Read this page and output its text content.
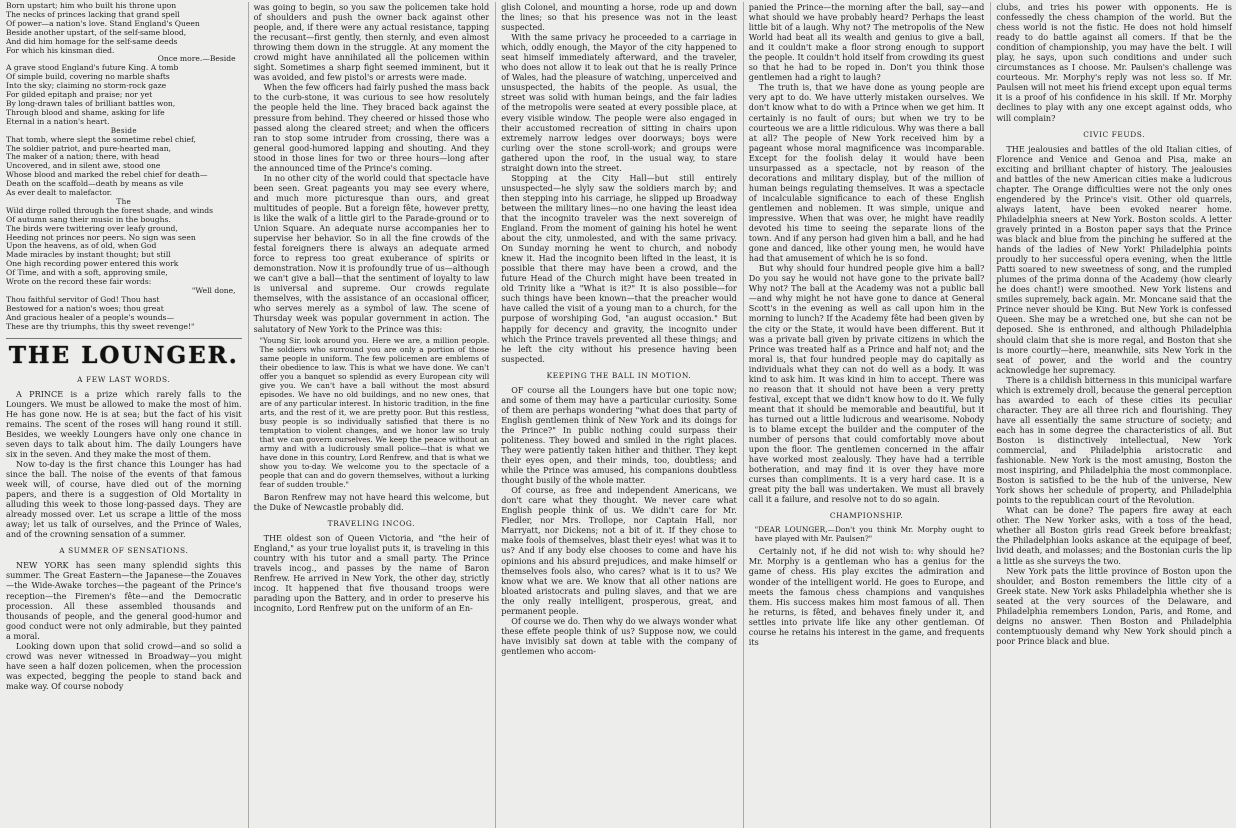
Born upstart; him who built his throne upon
The necks of princes lacking that grand spell
Of power—a nation's love. Stand England's Queen
Beside another upstart, of the self-same blood,
And did him homage for the self-same deeds
For which his kinsman died.
Once more.—Beside
A grave stood England's future King. A tomb
Of simple build, covering no marble shafts
Into the sky; claiming no storm-rock gaze
For gilded epitaph and praise; nor yet
By long-drawn tales of brilliant battles won,
Through blood and shame, asking for life
Eternal in a nation's heart.
Beside
That tomb, where slept the sometime rebel chief,
The soldier patriot, and pure-hearted man,
The maker of a nation; there, with head
Uncovered, and in silent awe, stood one
Whose blood and marked the rebel chief for death—
Death on the scaffold—death by means as vile
As ever dealt to malefactor.
The
Wild dirge rolled through the forest shade, and winds
Of autumn sang their music in the boughs.
The birds were twittering over leafy ground,
Heeding not princes nor peers. No sign was seen
Upon the heavens, as of old, when God
Made miracles by instant thought; but still
One high recording power entered this work
Of Time, and with a soft, approving smile,
Wrote on the record these fair words:
"Well done,
Thou faithful servitor of God! Thou hast
Bestowed for a nation's woes; thou great
And gracious healer of a people's wounds—
These are thy triumphs, this thy sweet revenge!"
THE LOUNGER.
A FEW LAST WORDS.

A PRINCE is a prize which rarely falls to the Loungers. We must be allowed to make the most of him. He has gone now. He is at sea; but the fact of his visit remains. The scent of the roses will hang round it still. Besides, we weekly Loungers have only one chance in seven days to talk about him. The daily Loungers have six in the seven. And they make the most of them.

Now to-day is the first chance this Lounger has had since the ball. The noise of the events of that famous week will, of course, have died out of the morning papers, and there is a suggestion of Old Mortality in alluding this week to those long-passed days. They are already mossed over. Let us scrape a little of the moss away; let us talk of ourselves, and the Prince of Wales, and of the crowning sensation of a summer.

A SUMMER OF SENSATIONS.

NEW YORK has seen many splendid sights this summer. The Great Eastern—the Japanese—the Zouaves—the Wide-Awake torches—the pageant of the Prince's reception—the Firemen's fête—and the Democratic procession. All these assembled thousands and thousands of people, and the general good-humor and good conduct were not only admirable, but they painted a moral.

Looking down upon that solid crowd—and so solid a crowd was never witnessed in Broadway—you might have seen a half dozen policemen, when the procession was expected, begging the people to stand back and make way. Of course nobody

was going to begin, so you saw the policemen take hold of shoulders and push the owner back against other people, and, if there were any actual resistance, tapping the recusant—first gently, then sternly, and even almost throwing them down in the struggle. At any moment the crowd might have annihilated all the policemen within sight. Sometimes a sharp fight seemed imminent, but it was avoided, and few pistol's or arrests were made.

When the few officers had fairly pushed the mass back to the curb-stone, it was curious to see how resolutely the people held the line. They braced back against the pressure from behind. They cheered or hissed those who passed along the cleared street; and when the officers ran to stop some intruder from crossing, there was a general good-humored lapping and shouting. And they stood in those lines for two or three hours—long after the announced time of the Prince's coming.

In no other city of the world could that spectacle have been seen. Great pageants you may see every where, and much more picturesque than ours, and great multitudes of people. But a foreign fête, however pretty, is like the walk of a little girl to the Parade-ground or to Union Square. An adequate nurse accompanies her to supervise her behavior. So in all the fine crowds of the festal foreigners there is always an adequate armed force to repress too great exuberance of spirits or demonstration. Now it is profoundly true of us—although we can't give a ball—that the sentiment of loyalty to law is universal and supreme. Our crowds regulate themselves, with the assistance of an occasional officer, who serves merely as a symbol of law. The scene of Thursday week was popular government in action. The salutatory of New York to the Prince was this:

"Young Sir, look around you. Here we are, a million people. The soldiers who surround you are only a portion of those same people in uniform. The few policemen are emblems of their obedience to law. This is what we have done. We can't offer you a banquet so splendid as every European city will give you. We can't have a ball without the most absurd episodes. We have no old buildings, and no new ones, that are of any particular interest. In historic tradition, in the fine arts, and the rest of it, we are pretty poor. But this restless, busy people is so individually satisfied that there is no temptation to violent changes, and we honor law so truly that we can govern ourselves. We keep the peace without an army and with a ludicrously small police—that is what we have done in this country, Lord Renfrew, and that is what we show you to-day. We welcome you to the spectacle of a people that can and do govern themselves, without a lurking fear of sudden trouble."

Baron Renfrew may not have heard this welcome, but the Duke of Newcastle probably did.

TRAVELING INCOG.

THE oldest son of Queen Victoria, and "the heir of England," as your true loyalist puts it, is traveling in this country with his tutor and a small party. The Prince travels incog., and passes by the name of Baron Renfrew. He arrived in New York, the other day, strictly incog. It happened that five thousand troops were parading upon the Battery, and in order to preserve his incognito, Lord Renfrew put on the uniform of an En-

glish Colonel, and mounting a horse, rode up and down the lines; so that his presence was not in the least suspected.

With the same privacy he proceeded to a carriage in which, oddly enough, the Mayor of the city happened to seat himself immediately afterward, and the traveler, who does not allow it to leak out that he is really Prince of Wales, had the pleasure of watching, unperceived and unsuspected, the habits of the people. As usual, the street was solid with human beings, and the fair ladies of the metropolis were seated at every possible place, at every visible window. The people were also engaged in their accustomed recreation of sitting in chairs upon extremely narrow ledges over doorways; boys were curling over the stone scroll-work; and groups were gathered upon the roof, in the usual way, to stare straight down into the street.

Stopping at the City Hall—but still entirely unsuspected—he slyly saw the soldiers march by; and then stepping into his carriage, he slipped up Broadway between the military lines—no one having the least idea that the incognito traveler was the next sovereign of England. From the moment of gaining his hotel he went about the city, unmolested, and with the same privacy. On Sunday morning he went to church, and nobody knew it. Had the incognito been lifted in the least, it is possible that there may have been a crowd, and the future Head of the Church might have been treated in old Trinity like a "What is it?" It is also possible—for such things have been known—that the preacher would have called the visit of a young man to a church, for the purpose of worshiping God, "an august occasion." But happily for decency and gravity, the incognito under which the Prince travels prevented all these things; and he left the city without his presence having been suspected.

KEEPING THE BALL IN MOTION.

OF course all the Loungers have but one topic now; and some of them may have a particular curiosity. Some of them are perhaps wondering "what does that party of English gentlemen think of New York and its doings for the Prince?" In public nothing could surpass their politeness. They bowed and smiled in the right places. They were patiently taken hither and thither. They kept their eyes open, and their minds, too, doubtless; and while the Prince was amused, his companions doubtless thought busily of the whole matter.

Of course, as free and independent Americans, we don't care what they thought. We never care what English people think of us. We didn't care for Mr. Fiedler, nor Mrs. Trollope, nor Captain Hall, nor Marryatt, nor Dickens; not a bit of it. If they chose to make fools of themselves, blast their eyes! what was it to us? And if any body else chooses to come and have his opinions and his absurd prejudices, and make himself or themselves fools also, who cares? what is it to us? We know what we are. We know that all other nations are bloated aristocrats and puling slaves, and that we are the only really intelligent, prosperous, great, and permanent people.

Of course we do. Then why do we always wonder what these effete people think of us? Suppose now, we could have invisibly sat down at table with the company of gentlemen who accom-

panied the Prince—the morning after the ball, say—and what should we have probably heard? Perhaps the least little bit of a laugh. Why not? The metropolis of the New World had beat all its wealth and genius to give a ball, and it couldn't make a floor strong enough to support the people. It couldn't hold itself from crowding its guest so that he had to be roped in. Don't you think those gentlemen had a right to laugh?

The truth is, that we have done as young people are very apt to do. We have utterly mistaken ourselves. We don't know what to do with a Prince when we get him. It certainly is no fault of ours; but when we try to be courteous we are a little ridiculous. Why was there a ball at all? The people of New York received him by a pageant whose moral magnificence was incomparable. Except for the foolish delay it would have been unsurpassed as a spectacle, not by reason of the decorations and military display, but of the million of human beings regulating themselves. It was a spectacle of incalculable significance to each of these English gentlemen and noblemen. It was simple, unique and impressive. When that was over, he might have readily devoted his time to seeing the separate lions of the town. And if any person had given him a ball, and he had gone and danced, like other young men, he would have had that amusement of which he is so fond.

But why should four hundred people give him a ball? Do you say he would not have gone to the private ball? Why not? The ball at the Academy was not a public ball—and why might he not have gone to dance at General Scott's in the evening as well as call upon him in the morning to lunch? If the Academy fête had been given by the city or the State, it would have been different. But it was a private ball given by private citizens in which the Prince was treated half as a Prince and half not; and the moral is, that four hundred people may do capitally as individuals what they can not do well as a body. It was kind to ask him. It was kind in him to accept. There was no reason that it should not have been a very pretty festival, except that we didn't know how to do it. We fully meant that it should be memorable and beautiful, but it has turned out a little ludicrous and wearisome. Nobody is to blame except the builder and the computer of the number of persons that could comfortably move about upon the floor. The gentlemen concerned in the affair have worked most zealously. They have had a terrible botheration, and may find it is over they have more curses than compliments. It is a very hard case. It is a great pity the ball was undertaken. We must all bravely call it a failure, and resolve not to do so again.

CHAMPIONSHIP.

"DEAR LOUNGER,—Don't you think Mr. Morphy ought to have played with Mr. Paulsen?"

Certainly not, if he did not wish to: why should he? Mr. Morphy is a gentleman who has a genius for the game of chess. His play excites the admiration and wonder of the intelligent world. He goes to Europe, and meets the famous chess champions and vanquishes them. His success makes him most famous of all. Then he returns, is fêted, and behaves finely under it, and settles into private life like any other gentleman. Of course he retains his interest in the game, and frequents its

clubs, and tries his power with opponents. He is confessedly the chess champion of the world. But the chess world is not the fistic. He does not hold himself ready to do battle against all comers. If that be the condition of championship, you may have the belt. I will play, he says, upon such conditions and under such circumstances as I choose. Mr. Paulsen's challenge was courteous. Mr. Morphy's reply was not less so. If Mr. Paulsen will not meet his friend except upon equal terms it is a proof of his confidence in his skill. If Mr. Morphy declines to play with any one except against odds, who will complain?

CIVIC FEUDS.

THE jealousies and battles of the old Italian cities, of Florence and Venice and Genoa and Pisa, make an exciting and brilliant chapter of history. The jealousies and battles of the new American cities make a ludicrous chapter. The Orange difficulties were not the only ones engendered by the Prince's visit. Other old quarrels, always latent, have been evoked nearer home. Philadelphia sneers at New York. Boston scolds. A letter gravely printed in a Boston paper says that the Prince was black and blue from the pinching he suffered at the hands of the ladies of New York! Philadelphia points proudly to her successful opera evening, when the little Patti soared to new sweetness of song, and the rumpled plumes of the prima donna of the Academy (how clearly he does chant!) were smoothed. New York listens and smiles supremely, back again. Mr. Moncane said that the Prince never should be King. But New York is confessed Queen. She may be a wretched one, but she can not be deposed. She is enthroned, and although Philadelphia should claim that she is more regal, and Boston that she is more courtly—here, meanwhile, sits New York in the seat of power, and the world and the country acknowledge her supremacy.

There is a childish bitterness in this municipal warfare which is extremely droll, because the general perception has awarded to each of these cities its peculiar character. They are all three rich and flourishing. They have all essentially the same structure of society; and each has in some degree the characteristics of all. But Boston is distinctively intellectual, New York commercial, and Philadelphia aristocratic and fashionable. New York is the most amusing, Boston the most inspiring, and Philadelphia the most commonplace. Boston is satisfied to be the hub of the universe, New York shows her schedule of property, and Philadelphia points to the republican court of the Revolution.

What can be done? The papers fire away at each other. The New Yorker asks, with a toss of the head, whether all Boston girls read Greek before breakfast; the Philadelphian looks askance at the equipage of beef, livid death, and molasses; and the Bostonian curls the lip a little as she surveys the two.

New York pats the little province of Boston upon the shoulder, and Boston remembers the little city of a Greek state. New York asks Philadelphia whether she is seated at the very sources of the Delaware, and Philadelphia remembers London, Paris, and Rome, and deigns no answer. Then Boston and Philadelphia contemptuously demand why New York should pinch a poor Prince black and blue.
